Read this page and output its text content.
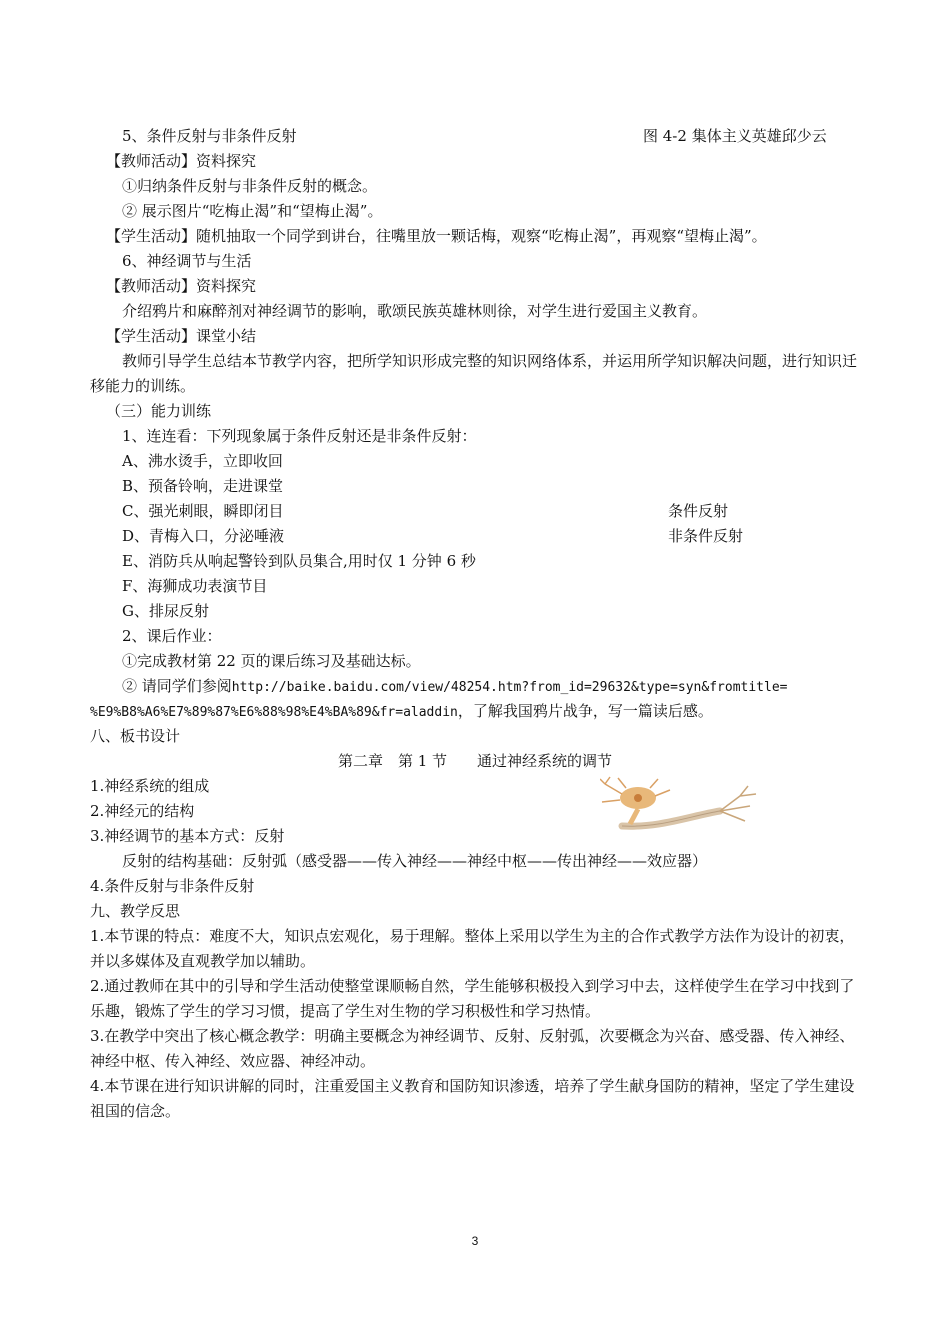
5、条件反射与非条件反射	图 4-2 集体主义英雄邱少云
【教师活动】资料探究
①归纳条件反射与非条件反射的概念。
② 展示图片“吃梅止渴”和“望梅止渴”。
【学生活动】随机抽取一个同学到讲台，往嘴里放一颗话梅，观察“吃梅止渴”，再观察“望梅止渴”。
6、神经调节与生活
【教师活动】资料探究
介绍鸦片和麻醉剂对神经调节的影响，歌颂民族英雄林则徐，对学生进行爱国主义教育。
【学生活动】课堂小结
教师引导学生总结本节教学内容，把所学知识形成完整的知识网络体系，并运用所学知识解决问题，进行知识迁移能力的训练。
（三）能力训练
1、连连看：下列现象属于条件反射还是非条件反射：
A、沸水烫手，立即收回
B、预备铃响，走进课堂
C、强光刺眼，瞬即闭目	条件反射
D、青梅入口，分泌唾液	非条件反射
E、消防兵从响起警铃到队员集合,用时仅 1 分钟 6 秒
F、海狮成功表演节目
G、排尿反射
2、课后作业：
①完成教材第 22 页的课后练习及基础达标。
② 请同学们参阅http://baike.baidu.com/view/48254.htm?from_id=29632&type=syn&fromtitle=
%E9%B8%A6%E7%89%87%E6%88%98%E4%BA%89&fr=aladdin，了解我国鸦片战争，写一篇读后感。
八、板书设计
第二章　第 1 节　　通过神经系统的调节
1.神经系统的组成
2.神经元的结构
3.神经调节的基本方式：反射
反射的结构基础：反射弧（感受器——传入神经——神经中枢——传出神经——效应器）
4.条件反射与非条件反射
九、教学反思
1.本节课的特点：难度不大，知识点宏观化，易于理解。整体上采用以学生为主的合作式教学方法作为设计的初衷，并以多媒体及直观教学加以辅助。
2.通过教师在其中的引导和学生活动使整堂课顺畅自然，学生能够积极投入到学习中去，这样使学生在学习中找到了乐趣，锻炼了学生的学习习惯，提高了学生对生物的学习积极性和学习热情。
3.在教学中突出了核心概念教学：明确主要概念为神经调节、反射、反射弧，次要概念为兴奋、感受器、传入神经、神经中枢、传入神经、效应器、神经冲动。
4.本节课在进行知识讲解的同时，注重爱国主义教育和国防知识渗透，培养了学生献身国防的精神，坚定了学生建设祖国的信念。
3
